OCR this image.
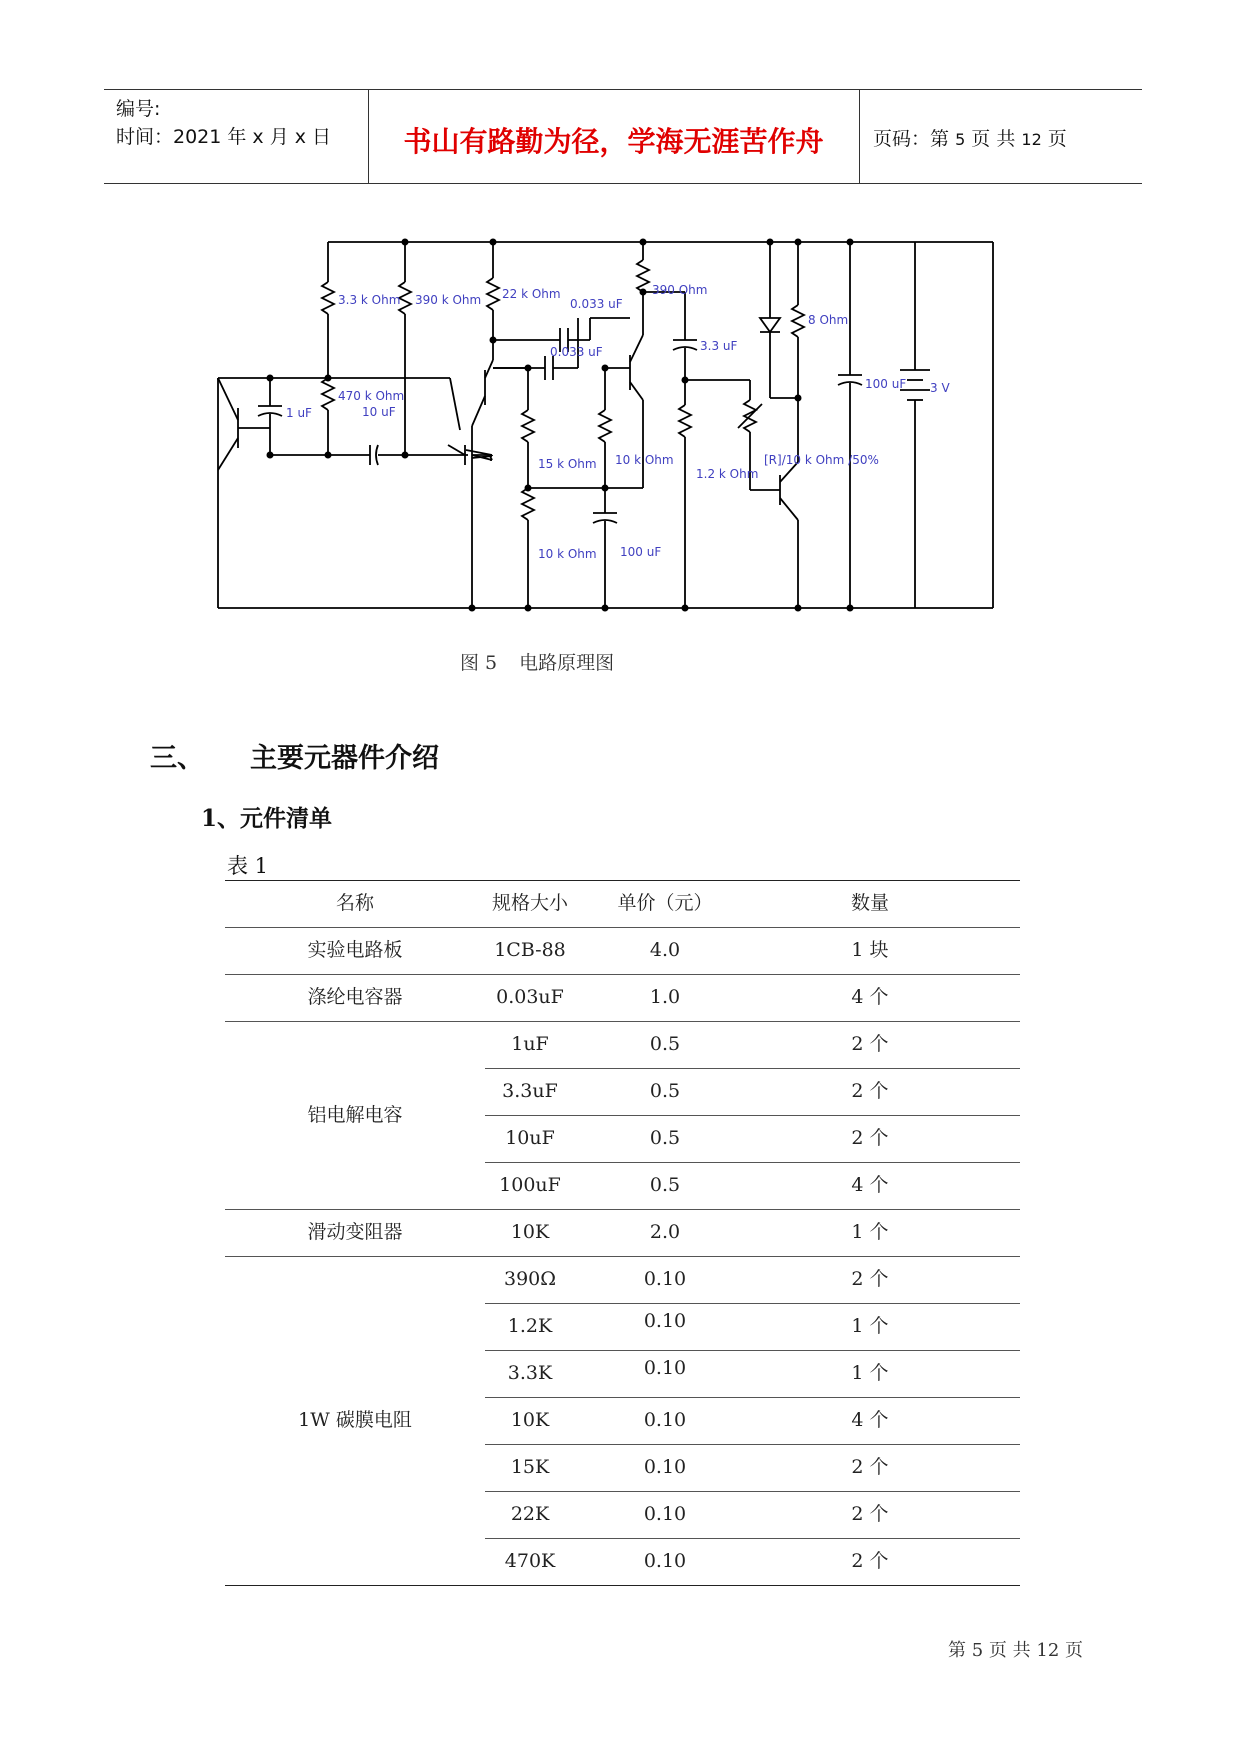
编号:
时间：2021 年 x 月 x 日	书山有路勤为径，学海无涯苦作舟	页码：第 5 页 共 12 页
3.3 k Ohm 390 k Ohm 22 k Ohm
0.033 uF
390 Ohm
0.033 uF	3.3 uF
8 Ohm
1 uF
470 k Ohm
10 uF
100 uF 3 V
15 k Ohm 10 k Ohm
1.2 k Ohm
[R]/10 k Ohm /50%
10 k Ohm 100 uF
图 5 电路原理图
三、 主要元器件介绍
1、元件清单
表 1
名称	规格大小	单价（元）	数量
实验电路板	1CB-88	4.0	1 块
涤纶电容器	0.03uF	1.0	4 个
铝电解电容
1uF	0.5	2 个
3.3uF	0.5	2 个
10uF	0.5	2 个
100uF	0.5	4 个
滑动变阻器	10K	2.0	1 个
1W 碳膜电阻
390Ω	0.10	2 个
1.2K	0.10	1 个
3.3K	0.10	1 个
10K	0.10	4 个
15K	0.10	2 个
22K	0.10	2 个
470K	0.10	2 个
第 5 页 共 12 页
